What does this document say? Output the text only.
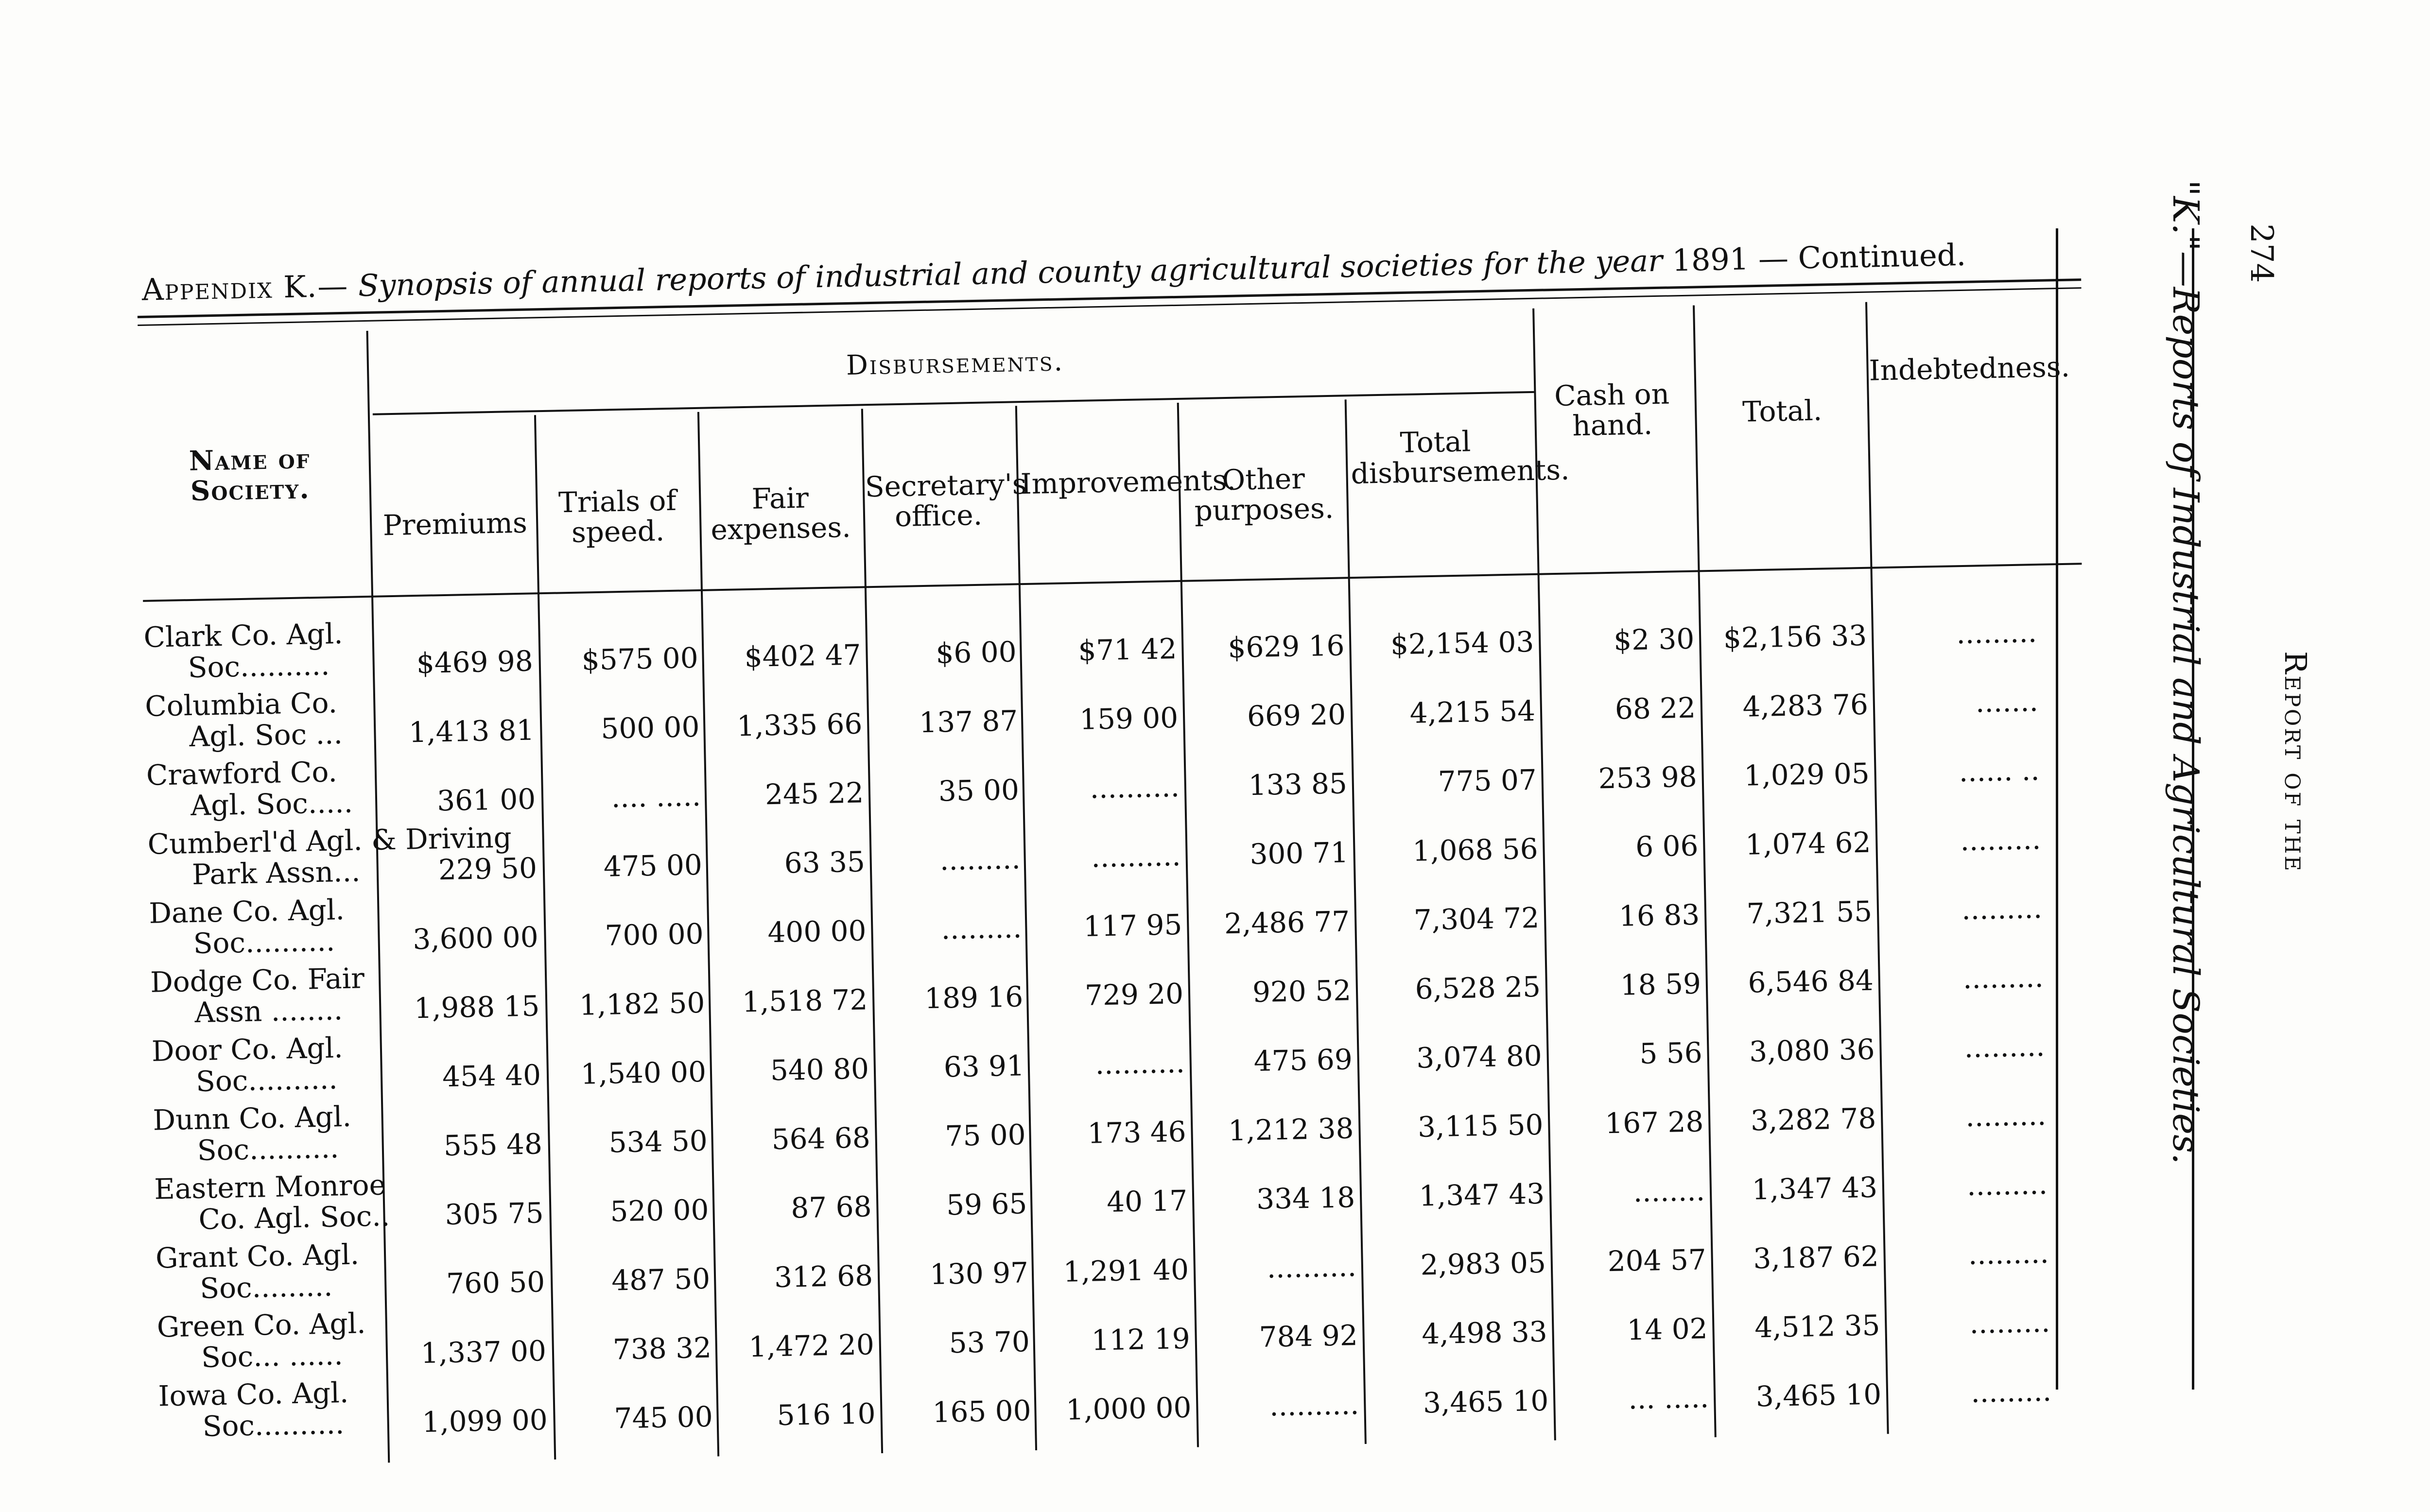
Appendix K.— Synopsis of annual reports of industrial and county agricultural societies for the year 1891 — Continued.
Name of Society.
Disbursements.
Premiums
Trials of speed.
Fair expenses.
Secretary's office.
Improvements.
Other purposes.
Total disbursements.
Cash on hand.	Total.
Indebtedness.
Clark Co. Agl.
Soc..........	$469 98	$575 00	$402 47	$6 00	$71 42	$629 16	$2,154 03	$2 30	$2,156 33	.........
Columbia Co.
Agl. Soc ...	1,413 81	500 00	1,335 66	137 87	159 00	669 20	4,215 54	68 22	4,283 76	.......
Crawford Co.
Agl. Soc.....	361 00	.... .....	245 22	35 00	..........	133 85	775 07	253 98	1,029 05	...... ..
Cumberl'd Agl. & Driving
Park Assn...	229 50	475 00	63 35	.........	..........	300 71	1,068 56	6 06	1,074 62	.........
Dane Co. Agl.
Soc..........	3,600 00	700 00	400 00	.........	117 95	2,486 77	7,304 72	16 83	7,321 55	.........
Dodge Co. Fair
Assn ........	1,988 15	1,182 50	1,518 72	189 16	729 20	920 52	6,528 25	18 59	6,546 84	.........
Door Co. Agl.
Soc..........	454 40	1,540 00	540 80	63 91	..........	475 69	3,074 80	5 56	3,080 36	.........
Dunn Co. Agl.
Soc..........	555 48	534 50	564 68	75 00	173 46	1,212 38	3,115 50	167 28	3,282 78	.........
Eastern Monroe
Co. Agl. Soc..	305 75	520 00	87 68	59 65	40 17	334 18	1,347 43	........	1,347 43	.........
Grant Co. Agl.
Soc.........	760 50	487 50	312 68	130 97	1,291 40	..........	2,983 05	204 57	3,187 62	.........
Green Co. Agl.
Soc... ......	1,337 00	738 32	1,472 20	53 70	112 19	784 92	4,498 33	14 02	4,512 35	.........
Iowa Co. Agl.
Soc..........	1,099 00	745 00	516 10	165 00	1,000 00	..........	3,465 10	... .....	3,465 10	.........
"K."—Reports of Industrial and Agricultural Societies. Report of the
274
